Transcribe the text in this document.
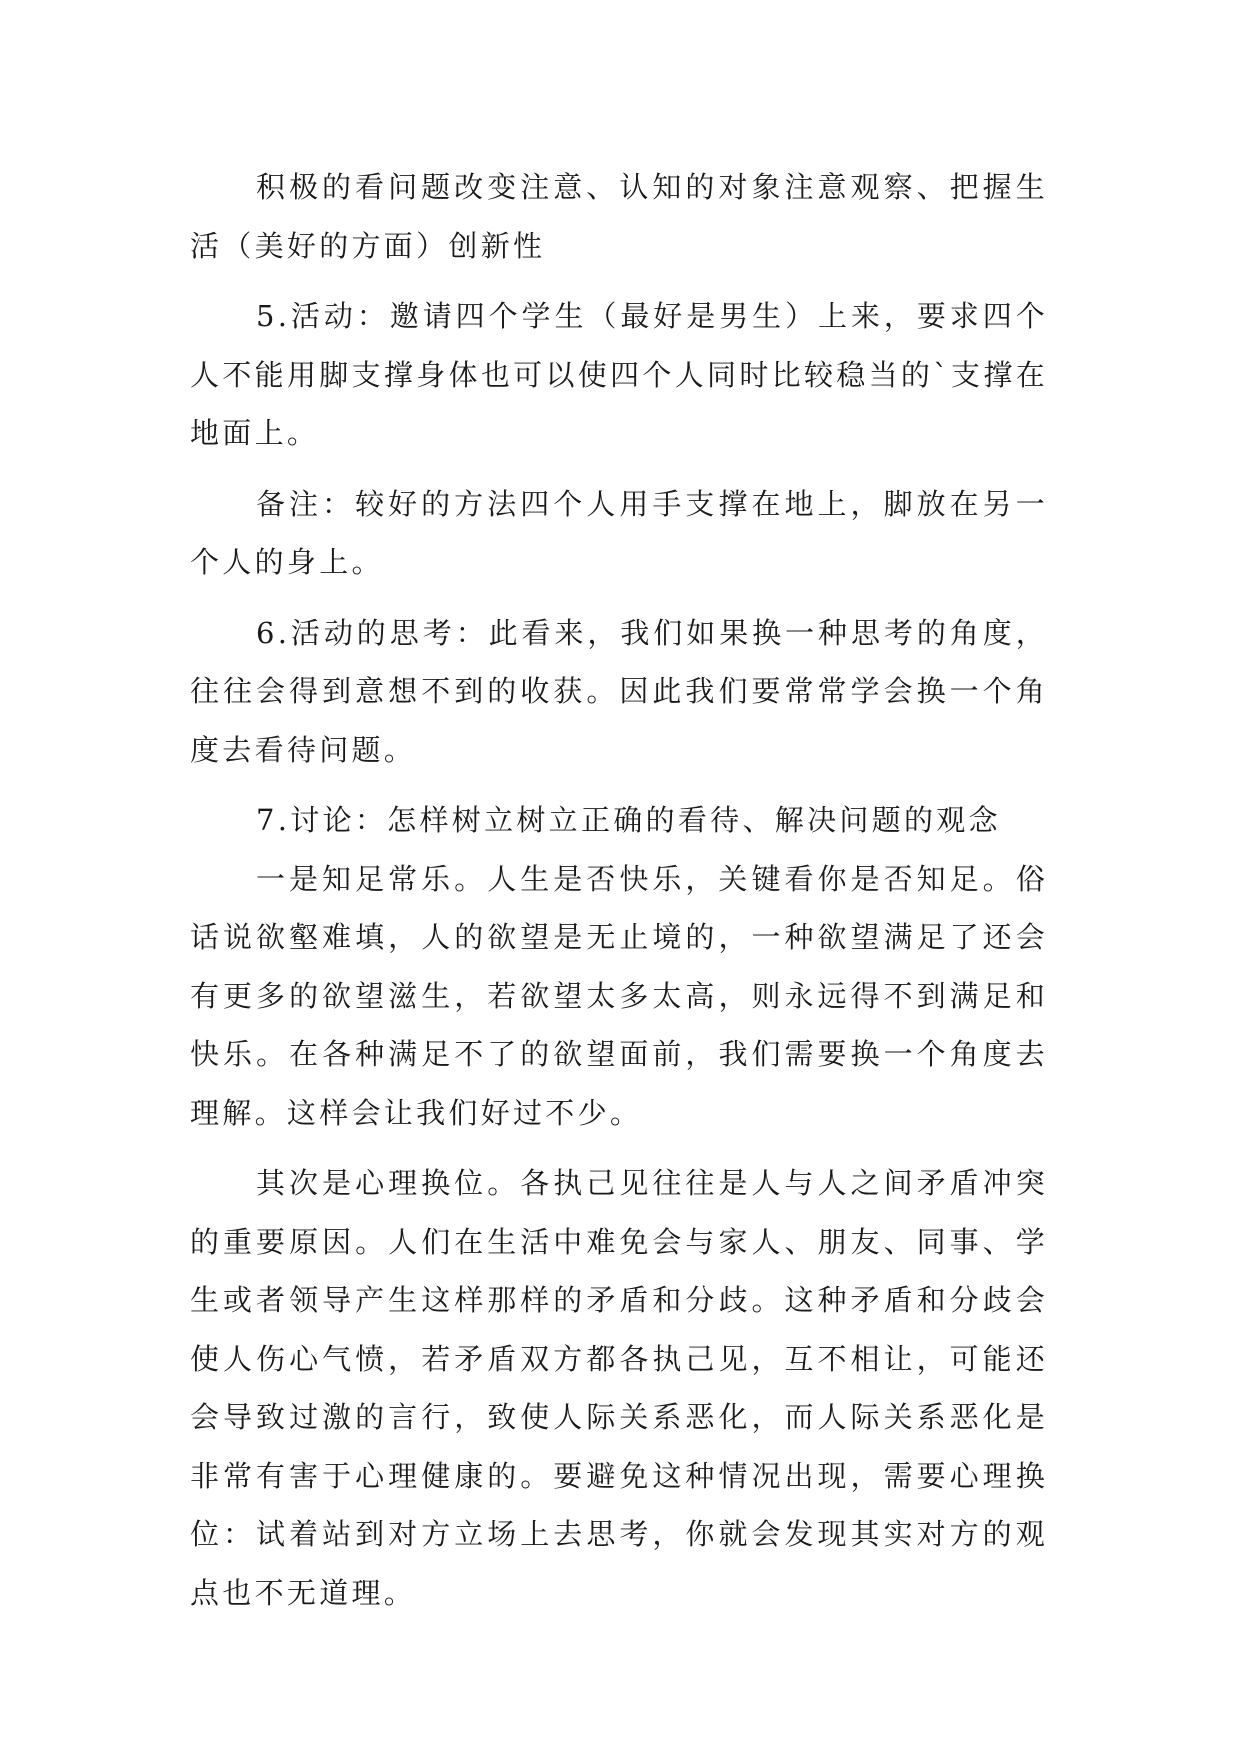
积极的看问题改变注意、认知的对象注意观察、把握生活（美好的方面）创新性

5.活动：邀请四个学生（最好是男生）上来，要求四个人不能用脚支撑身体也可以使四个人同时比较稳当的`支撑在地面上。

备注：较好的方法四个人用手支撑在地上，脚放在另一个人的身上。

6.活动的思考：此看来，我们如果换一种思考的角度，往往会得到意想不到的收获。因此我们要常常学会换一个角度去看待问题。

7.讨论：怎样树立树立正确的看待、解决问题的观念

一是知足常乐。人生是否快乐，关键看你是否知足。俗话说欲壑难填，人的欲望是无止境的，一种欲望满足了还会有更多的欲望滋生，若欲望太多太高，则永远得不到满足和快乐。在各种满足不了的欲望面前，我们需要换一个角度去理解。这样会让我们好过不少。

其次是心理换位。各执己见往往是人与人之间矛盾冲突的重要原因。人们在生活中难免会与家人、朋友、同事、学生或者领导产生这样那样的矛盾和分歧。这种矛盾和分歧会使人伤心气愤，若矛盾双方都各执己见，互不相让，可能还会导致过激的言行，致使人际关系恶化，而人际关系恶化是非常有害于心理健康的。要避免这种情况出现，需要心理换位：试着站到对方立场上去思考，你就会发现其实对方的观点也不无道理。
